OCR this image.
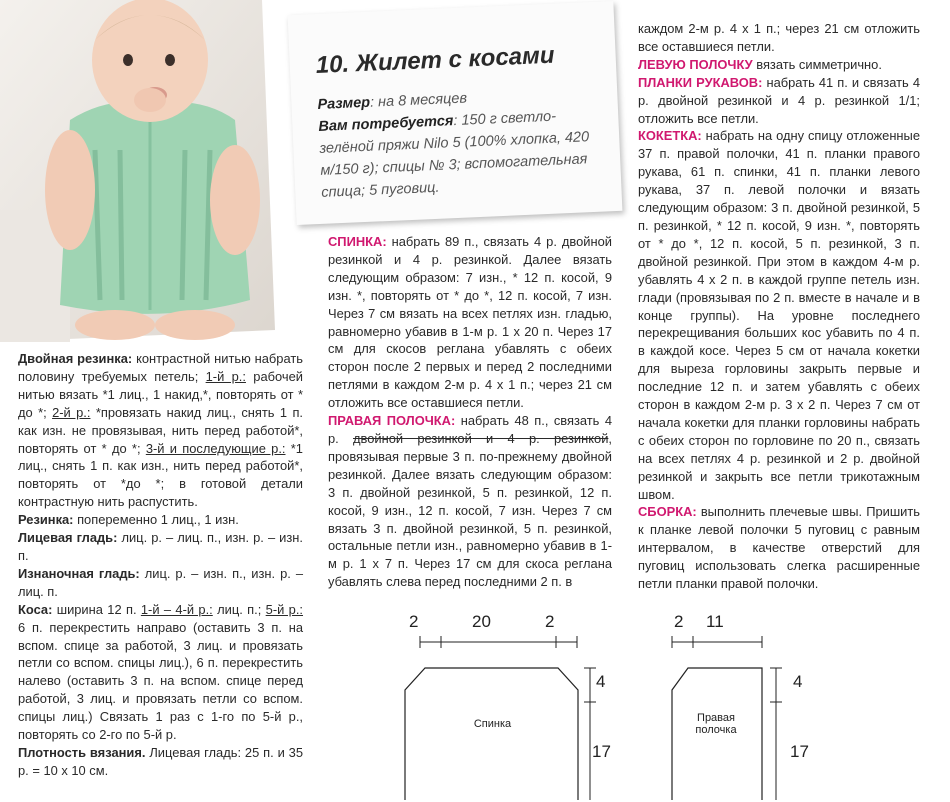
10. Жилет с косами
Размер: на 8 месяцев
Вам потребуется: 150 г светло-зелёной пряжи Nilo 5 (100% хлопка, 420 м/150 г); спицы № 3; вспомогательная спица; 5 пуговиц.

Двойная резинка: контрастной нитью набрать половину требуемых петель; 1-й р.: рабочей нитью вязать *1 лиц., 1 накид,*, повторять от * до *; 2-й р.: *провязать накид лиц., снять 1 п. как изн. не провязывая, нить перед работой*, повторять от * до *; 3-й и последующие р.: *1 лиц., снять 1 п. как изн., нить перед работой*, повторять от *до *; в готовой детали контрастную нить распустить.

Резинка: попеременно 1 лиц., 1 изн.

Лицевая гладь: лиц. р. – лиц. п., изн. р. – изн. п.

Изнаночная гладь: лиц. р. – изн. п., изн. р. – лиц. п.

Коса: ширина 12 п. 1-й – 4-й р.: лиц. п.; 5-й р.: 6 п. перекрестить направо (оставить 3 п. на вспом. спице за работой, 3 лиц. и провязать петли со вспом. спицы лиц.), 6 п. перекрестить налево (оставить 3 п. на вспом. спице перед работой, 3 лиц. и провязать петли со вспом. спицы лиц.) Связать 1 раз с 1-го по 5-й р., повторять со 2-го по 5-й р.

Плотность вязания. Лицевая гладь: 25 п. и 35 р. = 10 x 10 см.

СПИНКА: набрать 89 п., связать 4 р. двойной резинкой и 4 р. резинкой. Далее вязать следующим образом: 7 изн., * 12 п. косой, 9 изн. *, повторять от * до *, 12 п. косой, 7 изн. Через 7 см вязать на всех петлях изн. гладью, равномерно убавив в 1-м р. 1 x 20 п. Через 17 см для скосов реглана убавлять с обеих сторон после 2 первых и перед 2 последними петлями в каждом 2-м р. 4 x 1 п.; через 21 см отложить все оставшиеся петли.

ПРАВАЯ ПОЛОЧКА: набрать 48 п., связать 4 р. двойной резинкой и 4 р. резинкой, провязывая первые 3 п. по-прежнему двойной резинкой. Далее вязать следующим образом: 3 п. двойной резинкой, 5 п. резинкой, 12 п. косой, 9 изн., 12 п. косой, 7 изн. Через 7 см вязать 3 п. двойной резинкой, 5 п. резинкой, остальные петли изн., равномерно убавив в 1-м р. 1 x 7 п. Через 17 см для скоса реглана убавлять слева перед последними 2 п. в

каждом 2-м р. 4 x 1 п.; через 21 см отложить все оставшиеся петли.

ЛЕВУЮ ПОЛОЧКУ вязать симметрично.

ПЛАНКИ РУКАВОВ: набрать 41 п. и связать 4 р. двойной резинкой и 4 р. резинкой 1/1; отложить все петли.

КОКЕТКА: набрать на одну спицу отложенные 37 п. правой полочки, 41 п. планки правого рукава, 61 п. спинки, 41 п. планки левого рукава, 37 п. левой полочки и вязать следующим образом: 3 п. двойной резинкой, 5 п. резинкой, * 12 п. косой, 9 изн. *, повторять от * до *, 12 п. косой, 5 п. резинкой, 3 п. двойной резинкой. При этом в каждом 4-м р. убавлять 4 x 2 п. в каждой группе петель изн. глади (провязывая по 2 п. вместе в начале и в конце группы). На уровне последнего перекрещивания больших кос убавить по 4 п. в каждой косе. Через 5 см от начала кокетки для выреза горловины закрыть первые и последние 12 п. и затем убавлять с обеих сторон в каждом 2-м р. 3 x 2 п. Через 7 см от начала кокетки для планки горловины набрать с обеих сторон по горловине по 20 п., связать на всех петлях 4 р. резинкой и 2 р. двойной резинкой и закрыть все петли трикотажным швом.

СБОРКА: выполнить плечевые швы. Пришить к планке левой полочки 5 пуговиц с равным интервалом, в качестве отверстий для пуговиц использовать слегка расширенные петли планки правой полочки.

2	20	2
4
17
Спинка
2 11
4
17
Правая
полочка
